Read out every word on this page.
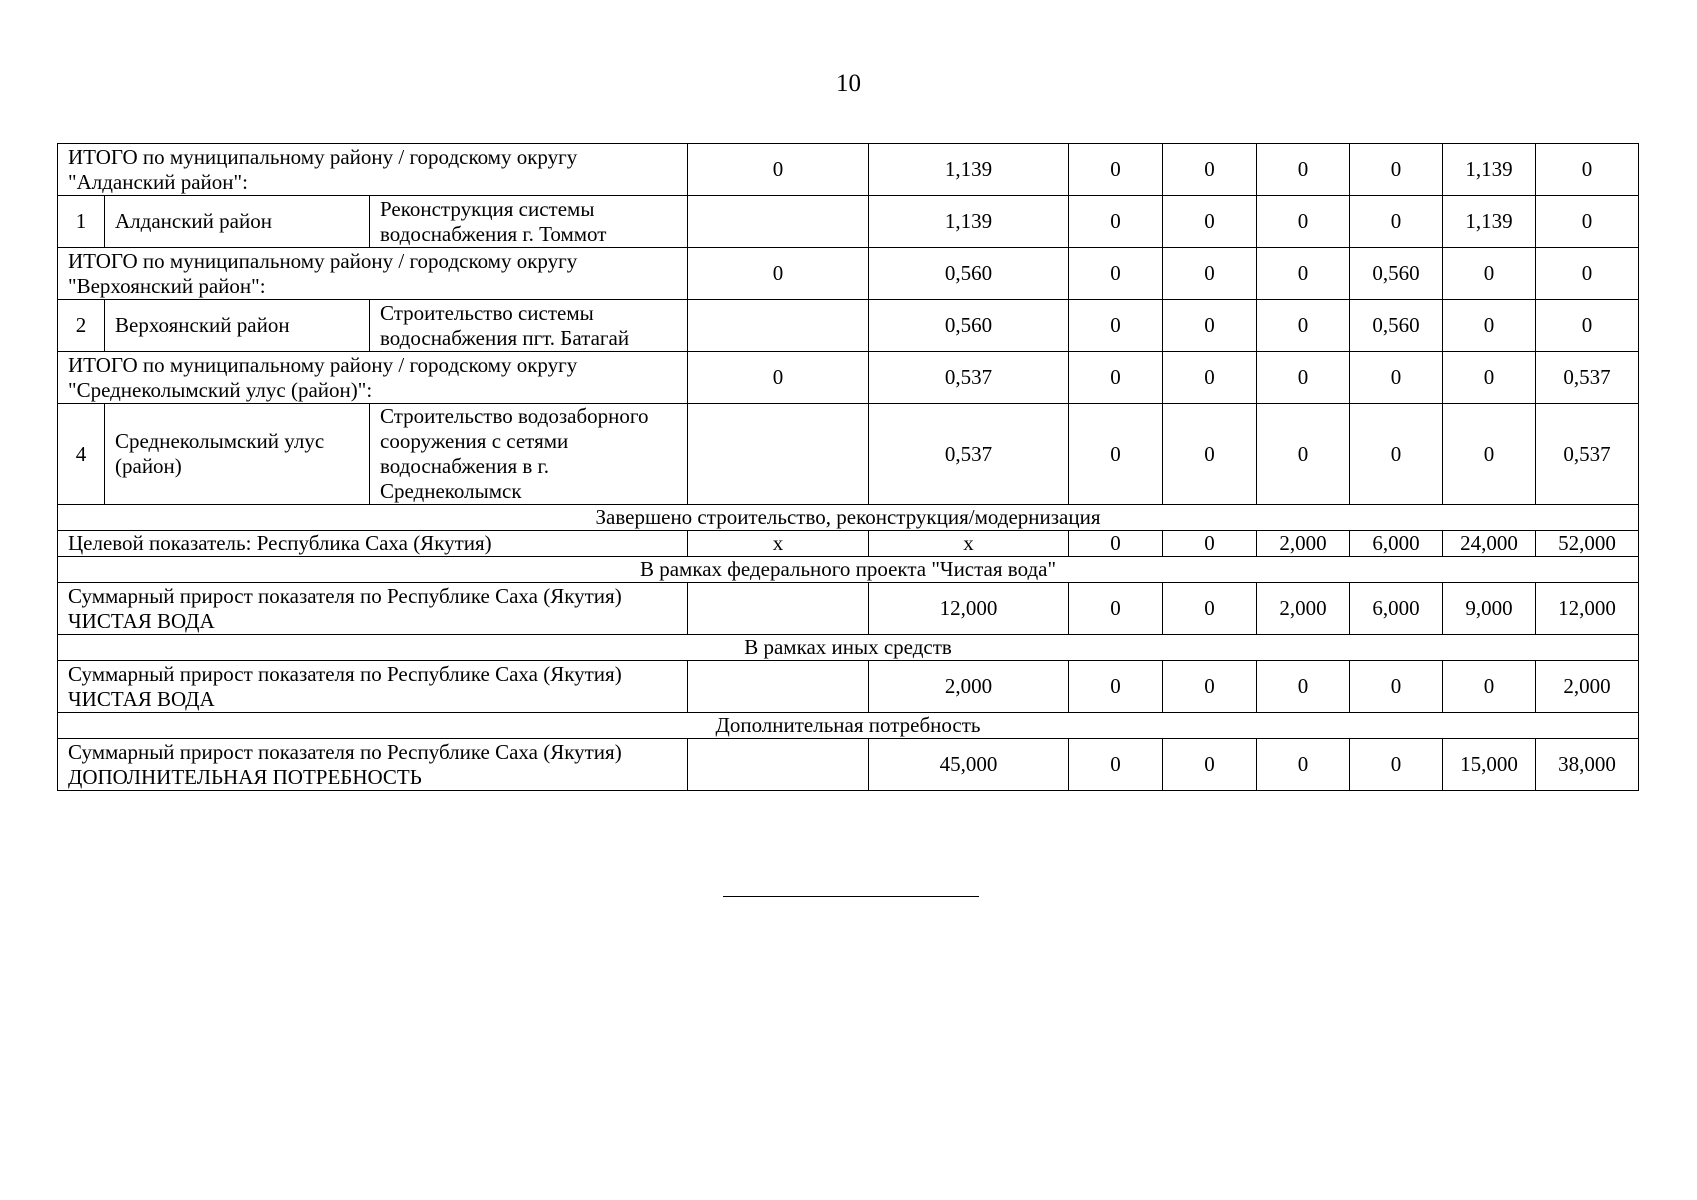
10
ИТОГО по муниципальному району / городскому округу "Алданский район":			0	1,139	0	0	0	0	1,139	0
1	Алданский район	Реконструкция системы водоснабжения г. Томмот		1,139	0	0	0	0	1,139	0
ИТОГО по муниципальному району / городскому округу "Верхоянский район":			0	0,560	0	0	0	0,560	0	0
2	Верхоянский район	Строительство системы водоснабжения пгт. Батагай		0,560	0	0	0	0,560	0	0
ИТОГО по муниципальному району / городскому округу "Среднеколымский улус (район)":			0	0,537	0	0	0	0	0	0,537
4	Среднеколымский улус (район)	Строительство водозаборного сооружения с сетями водоснабжения в г. Среднеколымск		0,537	0	0	0	0	0	0,537
Завершено строительство, реконструкция/модернизация										
Целевой показатель: Республика Саха (Якутия)			x	x	0	0	2,000	6,000	24,000	52,000
В рамках федерального проекта "Чистая вода"										
Суммарный прирост показателя по Республике Саха (Якутия) ЧИСТАЯ ВОДА				12,000	0	0	2,000	6,000	9,000	12,000
В рамках иных средств										
Суммарный прирост показателя по Республике Саха (Якутия) ЧИСТАЯ ВОДА				2,000	0	0	0	0	0	2,000
Дополнительная потребность										
Суммарный прирост показателя по Республике Саха (Якутия) ДОПОЛНИТЕЛЬНАЯ ПОТРЕБНОСТЬ				45,000	0	0	0	0	15,000	38,000
